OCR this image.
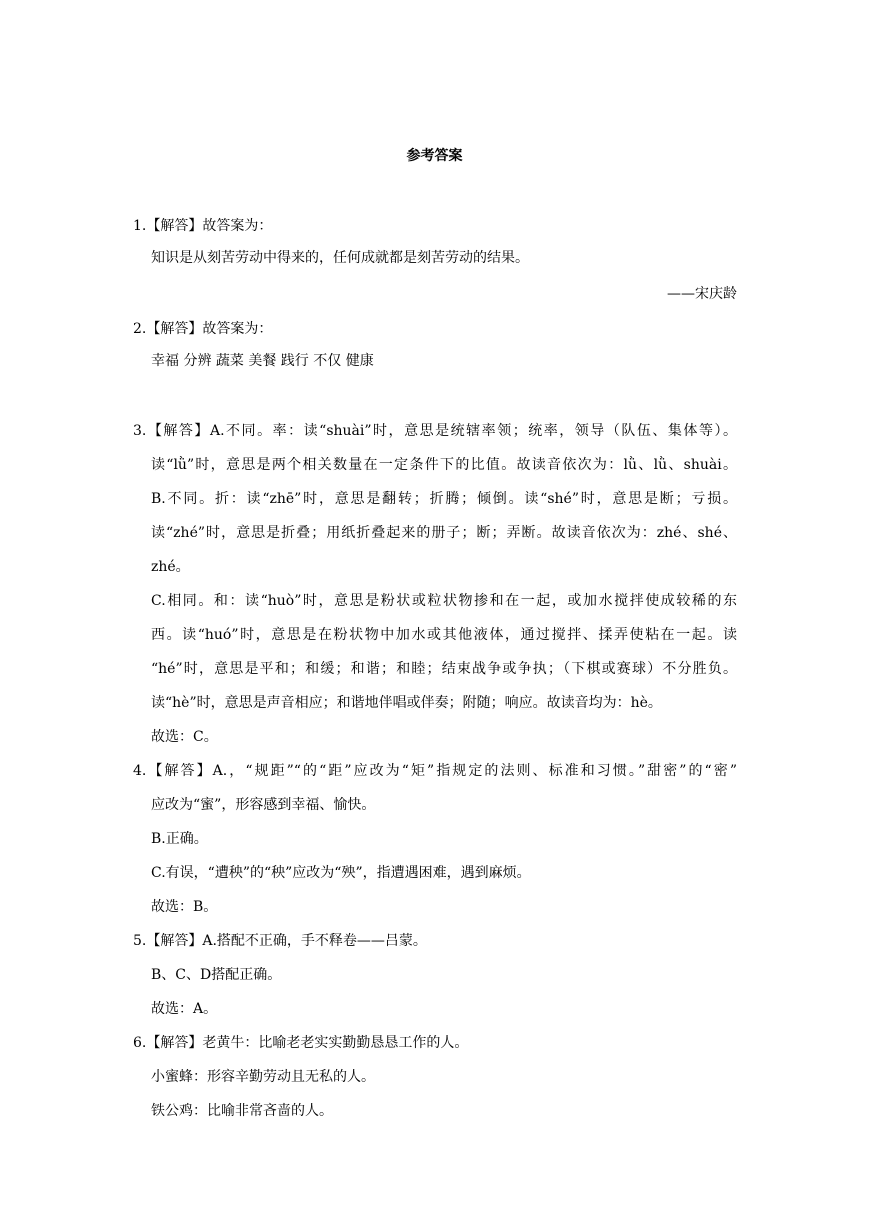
参考答案
1.【解答】故答案为：
知识是从刻苦劳动中得来的，任何成就都是刻苦劳动的结果。
——宋庆龄
2.【解答】故答案为：
幸福 分辨 蔬菜 美餐 践行 不仅 健康
3.【解答】A.不同。率：读“shuài”时，意思是统辖率领；统率，领导（队伍、集体等）。
读“lǜ”时，意思是两个相关数量在一定条件下的比值。故读音依次为：lǜ、lǜ、shuài。
B.不同。折：读“zhē”时，意思是翻转；折腾；倾倒。读“shé”时，意思是断；亏损。
读“zhé”时，意思是折叠；用纸折叠起来的册子；断；弄断。故读音依次为：zhé、shé、
zhé。
C.相同。和：读“huò”时，意思是粉状或粒状物掺和在一起，或加水搅拌使成较稀的东
西。读“huó”时，意思是在粉状物中加水或其他液体，通过搅拌、揉弄使粘在一起。读
“hé”时，意思是平和；和缓；和谐；和睦；结束战争或争执；（下棋或赛球）不分胜负。
读“hè”时，意思是声音相应；和谐地伴唱或伴奏；附随；响应。故读音均为：hè。
故选：C。
4.【解答】A.，“规距”“的“距”应改为“矩”指规定的法则、标准和习惯。”甜密”的“密”
应改为“蜜”，形容感到幸福、愉快。
B.正确。
C.有误，“遭秧”的“秧”应改为“殃”，指遭遇困难，遇到麻烦。
故选：B。
5.【解答】A.搭配不正确，手不释卷——吕蒙。
B、C、D搭配正确。
故选：A。
6.【解答】老黄牛：比喻老老实实勤勤恳恳工作的人。
小蜜蜂：形容辛勤劳动且无私的人。
铁公鸡：比喻非常吝啬的人。
